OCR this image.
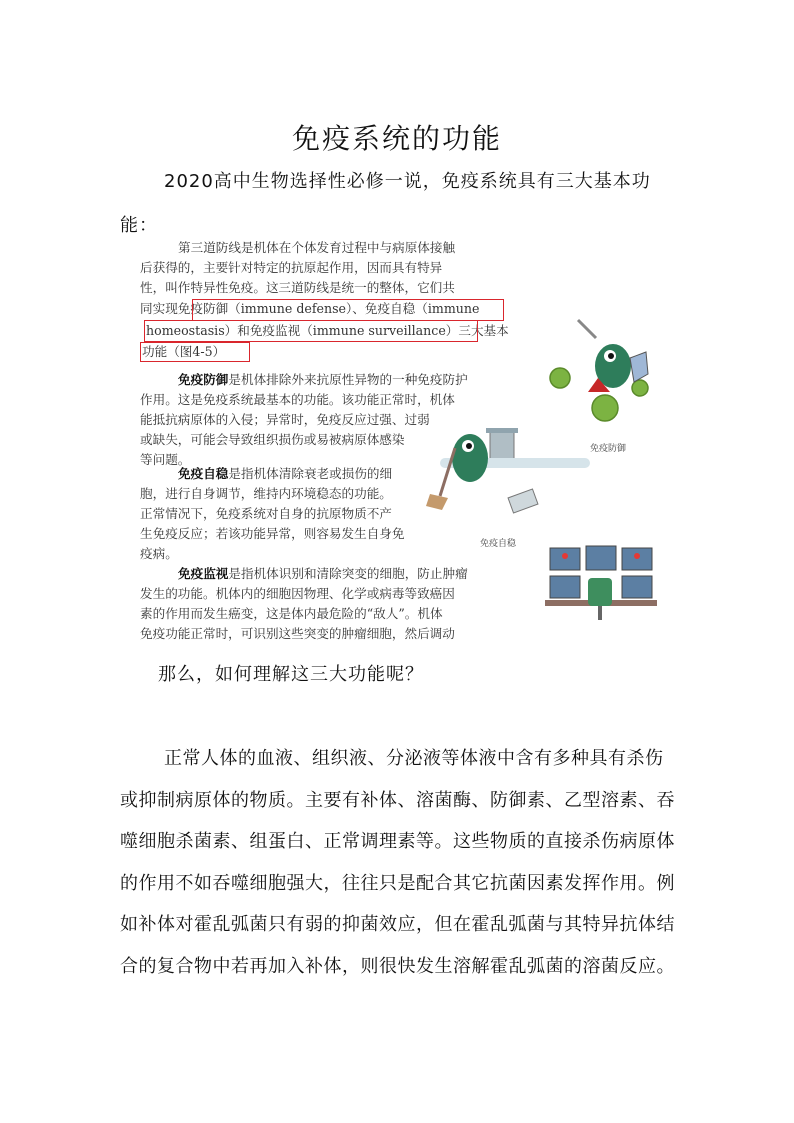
免疫系统的功能

2020高中生物选择性必修一说，免疫系统具有三大基本功能：

第三道防线是机体在个体发育过程中与病原体接触
后获得的，主要针对特定的抗原起作用，因而具有特异
性，叫作特异性免疫。这三道防线是统一的整体，它们共
同实现免疫防御（immune defense）、免疫自稳（immune
homeostasis）和免疫监视（immune surveillance）三大基本
功能（图4-5）
免疫防御是机体排除外来抗原性异物的一种免疫防护
作用。这是免疫系统最基本的功能。该功能正常时，机体
能抵抗病原体的入侵；异常时，免疫反应过强、过弱
或缺失，可能会导致组织损伤或易被病原体感染
等问题。
免疫自稳是指机体清除衰老或损伤的细
胞，进行自身调节，维持内环境稳态的功能。
正常情况下，免疫系统对自身的抗原物质不产
生免疫反应；若该功能异常，则容易发生自身免
疫病。
免疫监视是指机体识别和清除突变的细胞，防止肿瘤
发生的功能。机体内的细胞因物理、化学或病毒等致癌因
素的作用而发生癌变，这是体内最危险的“敌人”。机体
免疫功能正常时，可识别这些突变的肿瘤细胞，然后调动
免疫防御
免疫自稳

那么，如何理解这三大功能呢？

正常人体的血液、组织液、分泌液等体液中含有多种具有杀伤或抑制病原体的物质。主要有补体、溶菌酶、防御素、乙型溶素、吞噬细胞杀菌素、组蛋白、正常调理素等。这些物质的直接杀伤病原体的作用不如吞噬细胞强大，往往只是配合其它抗菌因素发挥作用。例如补体对霍乱弧菌只有弱的抑菌效应，但在霍乱弧菌与其特异抗体结合的复合物中若再加入补体，则很快发生溶解霍乱弧菌的溶菌反应。
